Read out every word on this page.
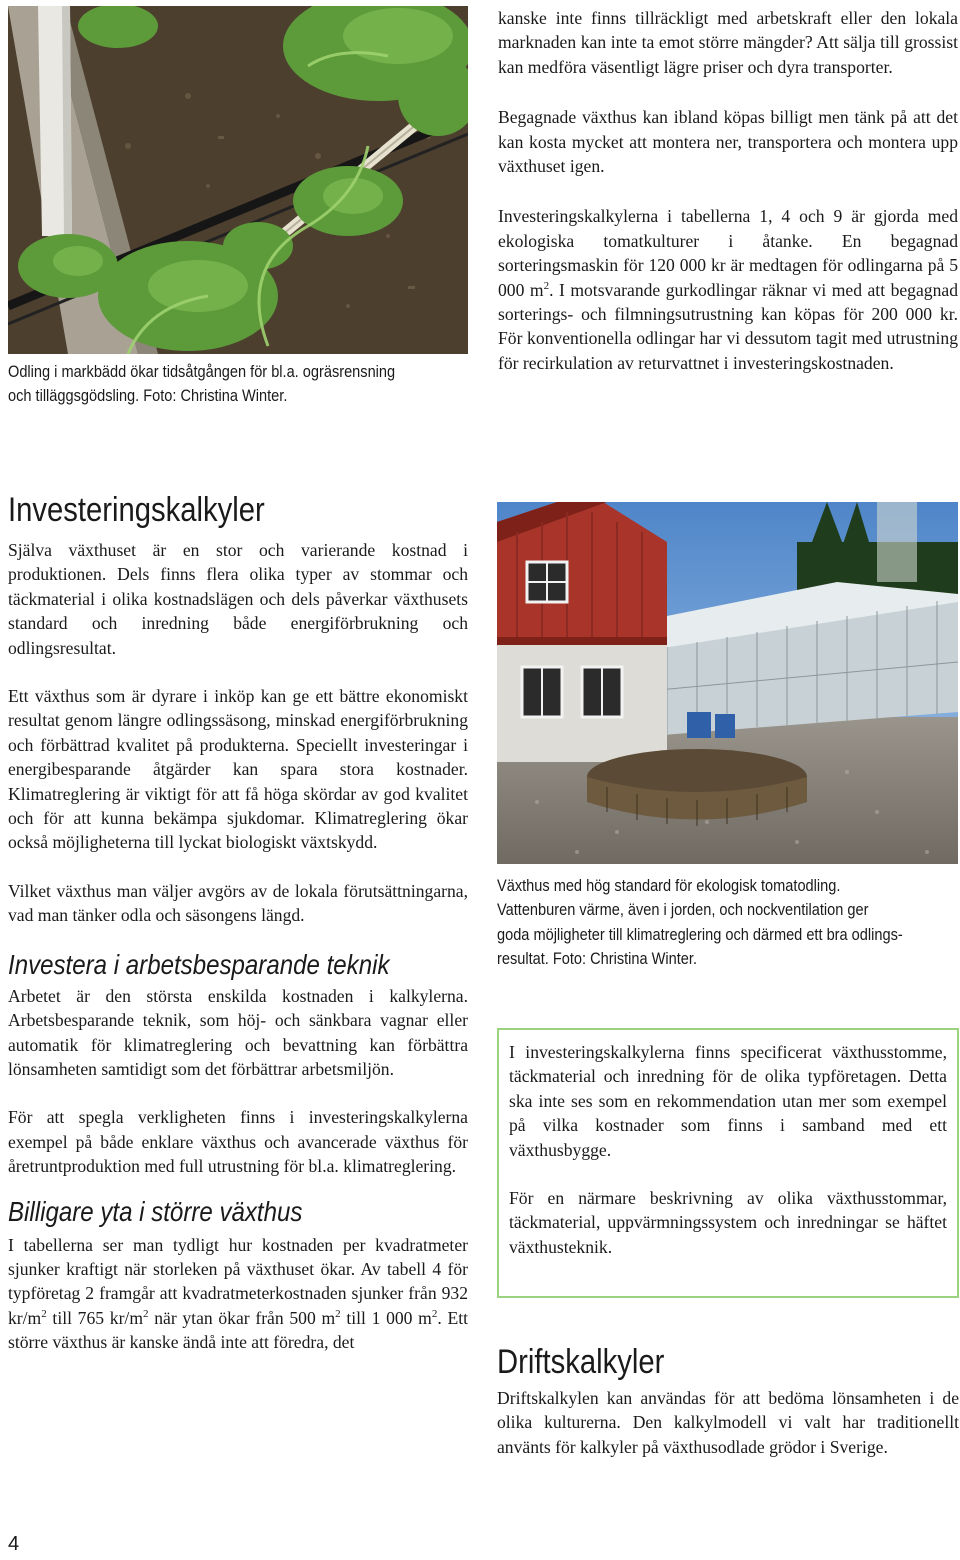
Odling i markbädd ökar tidsåtgången för bl.a. ogräsrensning
och tilläggsgödsling. Foto: Christina Winter.

kanske inte finns tillräckligt med arbetskraft eller den lokala marknaden kan inte ta emot större mängder? Att sälja till grossist kan medföra väsentligt lägre priser och dyra transporter.

Begagnade växthus kan ibland köpas billigt men tänk på att det kan kosta mycket att montera ner, transportera och montera upp växthuset igen.

Investeringskalkylerna i tabellerna 1, 4 och 9 är gjorda med ekologiska tomatkulturer i åtanke. En begagnad sorteringsmaskin för 120 000 kr är medtagen för odlingarna på 5 000 $m^2$. I motsvarande gurkodlingar räknar vi med att begagnad sorterings- och filmningsutrustning kan köpas för 200 000 kr. För konventionella odlingar har vi dessutom tagit med utrustning för recirkulation av returvattnet i investeringskostnaden.

Investeringskalkyler

Själva växthuset är en stor och varierande kostnad i produktionen. Dels finns flera olika typer av stommar och täckmaterial i olika kostnadslägen och dels påverkar växthusets standard och inredning både energiförbrukning och odlingsresultat.

Ett växthus som är dyrare i inköp kan ge ett bättre ekonomiskt resultat genom längre odlingssäsong, minskad energiförbrukning och förbättrad kvalitet på produkterna. Speciellt investeringar i energibesparande åtgärder kan spara stora kostnader. Klimatreglering är viktigt för att få höga skördar av god kvalitet och för att kunna bekämpa sjukdomar. Klimatreglering ökar också möjligheterna till lyckat biologiskt växtskydd.

Vilket växthus man väljer avgörs av de lokala förutsättningarna, vad man tänker odla och säsongens längd.

Investera i arbetsbesparande teknik

Arbetet är den största enskilda kostnaden i kalkylerna. Arbetsbesparande teknik, som höj- och sänkbara vagnar eller automatik för klimatreglering och bevattning kan förbättra lönsamheten samtidigt som det förbättrar arbetsmiljön.

För att spegla verkligheten finns i investeringskalkylerna exempel på både enklare växthus och avancerade växthus för åretruntproduktion med full utrustning för bl.a. klimatreglering.

Billigare yta i större växthus

I tabellerna ser man tydligt hur kostnaden per kvadratmeter sjunker kraftigt när storleken på växthuset ökar. Av tabell 4 för typföretag 2 framgår att kvadratmeterkostnaden sjunker från 932 $kr/m^2$ till 765 $kr/m^2$ när ytan ökar från 500 $m^2$ till 1 000 $m^2$. Ett större växthus är kanske ändå inte att föredra, det

Växthus med hög standard för ekologisk tomatodling.
Vattenburen värme, även i jorden, och nockventilation ger
goda möjligheter till klimatreglering och därmed ett bra odlings-
resultat. Foto: Christina Winter.

I investeringskalkylerna finns specificerat växthusstomme, täckmaterial och inredning för de olika typföretagen. Detta ska inte ses som en rekommendation utan mer som exempel på vilka kostnader som finns i samband med ett växthusbygge.

För en närmare beskrivning av olika växthusstommar, täckmaterial, uppvärmningssystem och inredningar se häftet växthusteknik.

Driftskalkyler

Driftskalkylen kan användas för att bedöma lönsamheten i de olika kulturerna. Den kalkylmodell vi valt har traditionellt använts för kalkyler på växthusodlade grödor i Sverige.

4
